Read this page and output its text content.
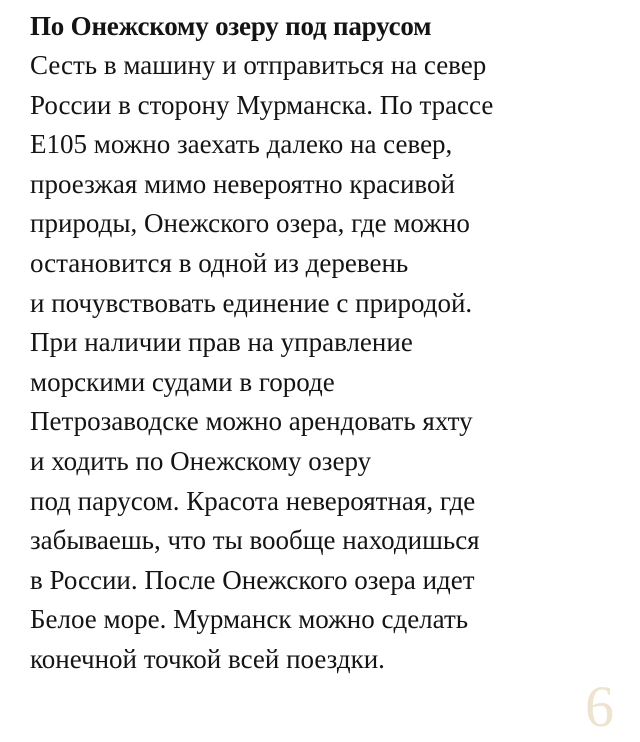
По Онежскому озеру под парусом

Сесть в машину и отправиться на север
России в сторону Мурманска. По трассе
Е105 можно заехать далеко на север,
проезжая мимо невероятно красивой
природы, Онежского озера, где можно
остановится в одной из деревень
и почувствовать единение с природой.
При наличии прав на управление
морскими судами в городе
Петрозаводске можно арендовать яхту
и ходить по Онежскому озеру
под парусом. Красота невероятная, где
забываешь, что ты вообще находишься
в России. После Онежского озера идет
Белое море. Мурманск можно сделать
конечной точкой всей поездки.

6
